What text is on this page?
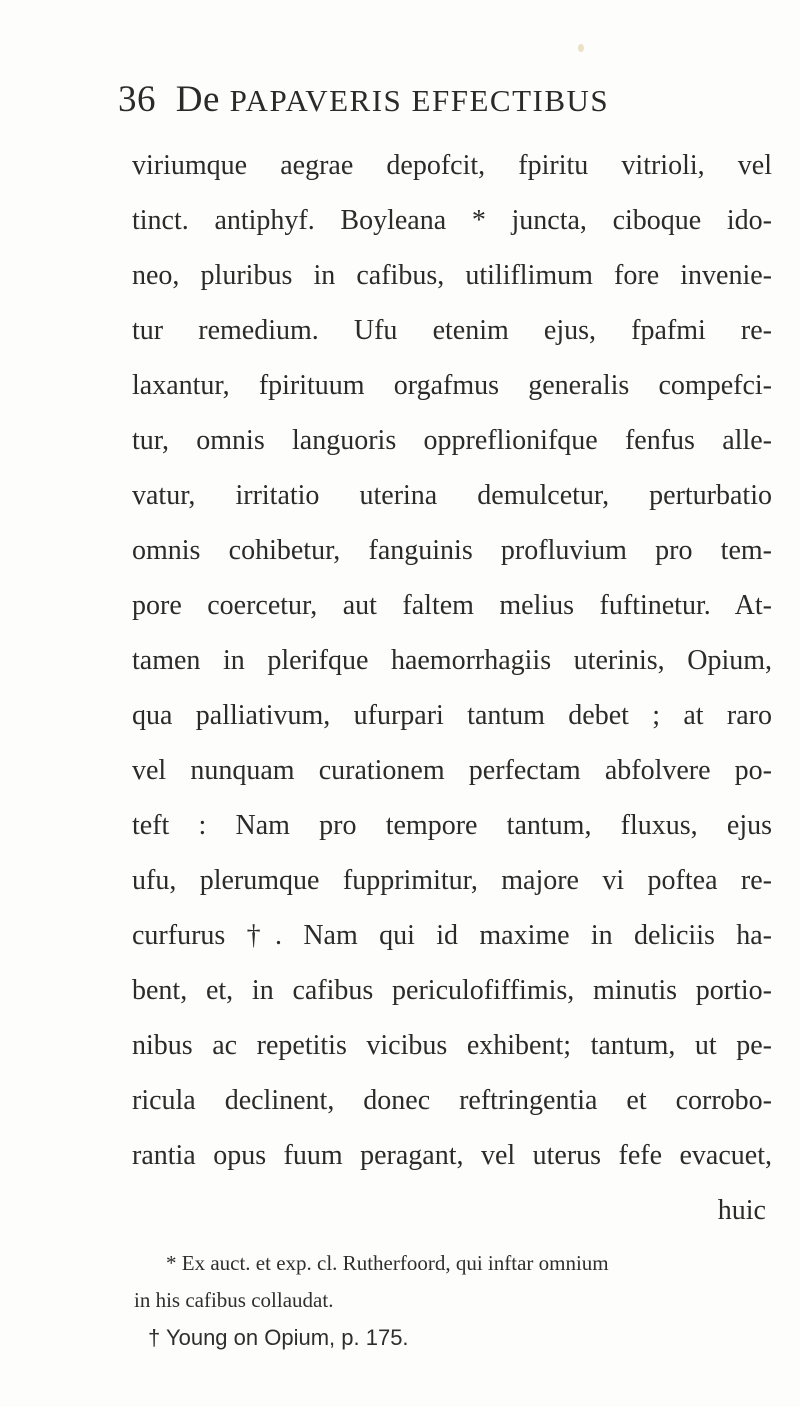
36 De PAPAVERIS EFFECTIBUS
viriumque aegrae depofcit, fpiritu vitrioli, vel
tinct. antiphyf. Boyleana * juncta, ciboque ido-
neo, pluribus in cafibus, utiliflimum fore invenie-
tur remedium. Ufu etenim ejus, fpafmi re-
laxantur, fpirituum orgafmus generalis compefci-
tur, omnis languoris oppreflionifque fenfus alle-
vatur, irritatio uterina demulcetur, perturbatio
omnis cohibetur, fanguinis profluvium pro tem-
pore coercetur, aut faltem melius fuftinetur. At-
tamen in plerifque haemorrhagiis uterinis, Opium,
qua palliativum, ufurpari tantum debet ; at raro
vel nunquam curationem perfectam abfolvere po-
teft : Nam pro tempore tantum, fluxus, ejus
ufu, plerumque fupprimitur, majore vi poftea re-
curfurus †. Nam qui id maxime in deliciis ha-
bent, et, in cafibus periculofiffimis, minutis portio-
nibus ac repetitis vicibus exhibent; tantum, ut pe-
ricula declinent, donec reftringentia et corrobo-
rantia opus fuum peragant, vel uterus fefe evacuet,
huic
* Ex auct. et exp. cl. Rutherfoord, qui inftar omnium
in his cafibus collaudat.
† Young on Opium, p. 175.
